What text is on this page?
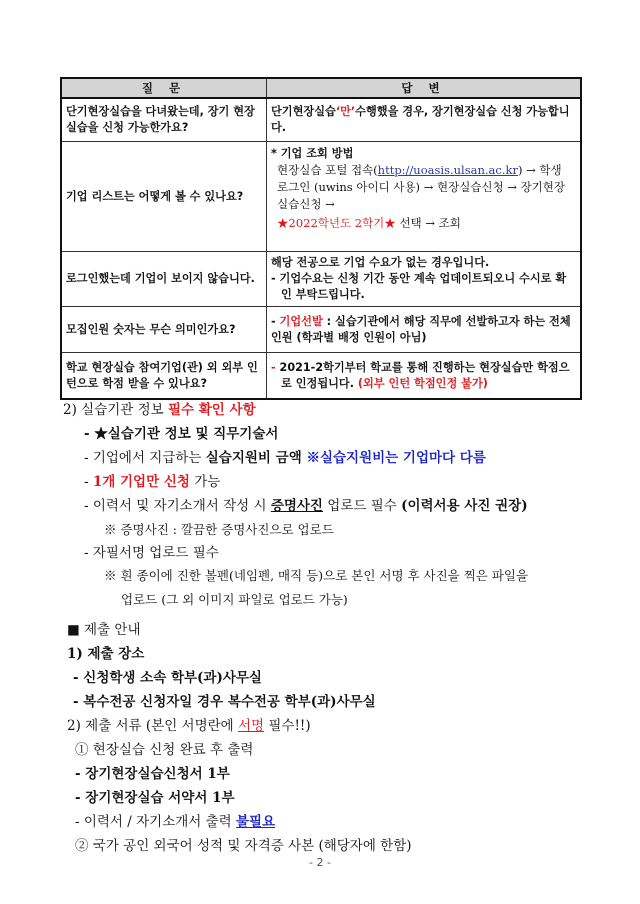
질 문	답 변
단기현장실습을 다녀왔는데, 장기 현장실습을 신청 가능한가요?	단기현장실습‘만’수행했을 경우, 장기현장실습 신청 가능합니다.
기업 리스트는 어떻게 볼 수 있나요?	* 기업 조회 방법
현장실습 포털 접속(http://uoasis.ulsan.ac.kr) → 학생 로그인 (uwins 아이디 사용) → 현장실습신청 → 장기현장실습신청 →
★2022학년도 2학기★ 선택 → 조회

로그인했는데 기업이 보이지 않습니다.	해당 전공으로 기업 수요가 없는 경우입니다.
- 기업수요는 신청 기간 동안 계속 업데이트되오니 수시로 확인 부탁드립니다.

모집인원 숫자는 무슨 의미인가요?	- 기업선발 : 실습기관에서 해당 직무에 선발하고자 하는 전체 인원 (학과별 배정 인원이 아님)
학교 현장실습 참여기업(관) 외 외부 인턴으로 학점 받을 수 있나요?	- 2021-2학기부터 학교를 통해 진행하는 현장실습만 학점으로 인정됩니다. (외부 인턴 학점인정 불가)
2) 실습기관 정보 필수 확인 사항
- ★실습기관 정보 및 직무기술서
- 기업에서 지급하는 실습지원비 금액 ※실습지원비는 기업마다 다름
- 1개 기업만 신청 가능
- 이력서 및 자기소개서 작성 시 증명사진 업로드 필수 (이력서용 사진 권장)
※ 증명사진 : 깔끔한 증명사진으로 업로드
- 자필서명 업로드 필수
※ 흰 종이에 진한 볼펜(네임펜, 매직 등)으로 본인 서명 후 사진을 찍은 파일을
업로드 (그 외 이미지 파일로 업로드 가능)
■ 제출 안내
1) 제출 장소
- 신청학생 소속 학부(과)사무실
- 복수전공 신청자일 경우 복수전공 학부(과)사무실
2) 제출 서류 (본인 서명란에 서명 필수!!)
① 현장실습 신청 완료 후 출력
- 장기현장실습신청서 1부
- 장기현장실습 서약서 1부
- 이력서 / 자기소개서 출력 불필요
② 국가 공인 외국어 성적 및 자격증 사본 (해당자에 한함)
- 2 -
